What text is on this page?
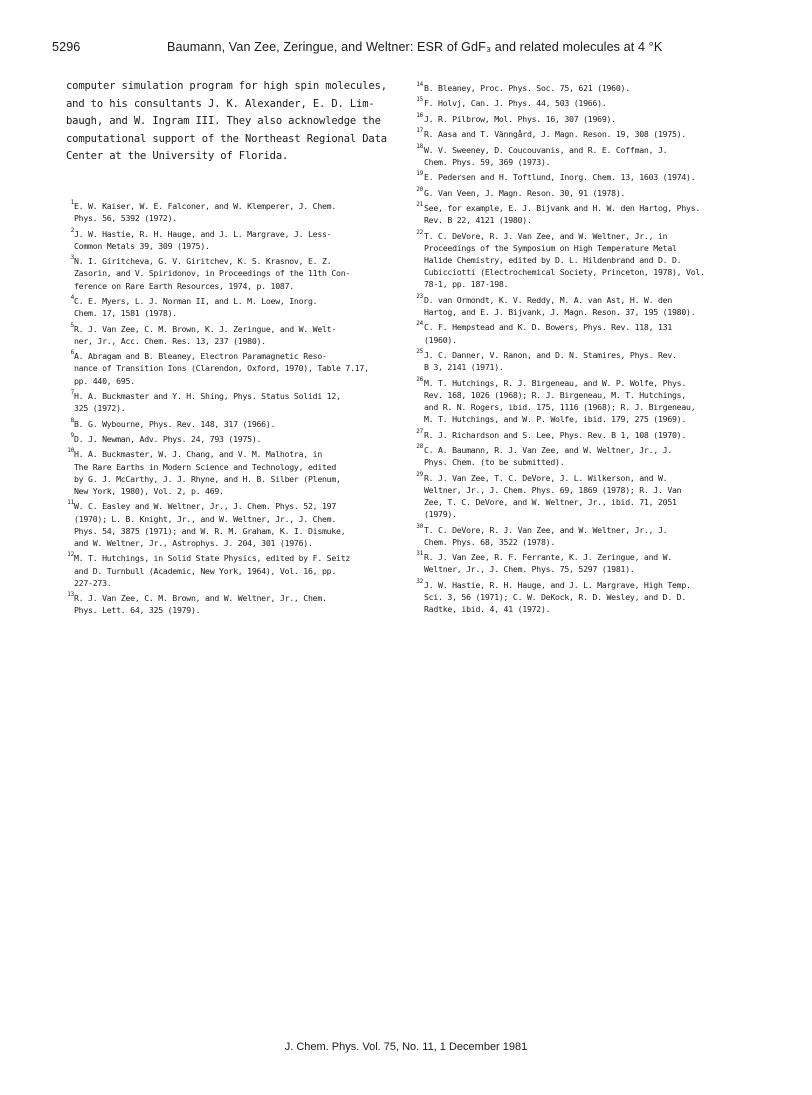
5296	Baumann, Van Zee, Zeringue, and Weltner: ESR of GdF₃ and related molecules at 4 °K
computer simulation program for high spin molecules,
and to his consultants J. K. Alexander, E. D. Lim-
baugh, and W. Ingram III. They also acknowledge the
computational support of the Northeast Regional Data
Center at the University of Florida.
1 E. W. Kaiser, W. E. Falconer, and W. Klemperer, J. Chem.
Phys. 56, 5392 (1972).
2 J. W. Hastie, R. H. Hauge, and J. L. Margrave, J. Less-
Common Metals 39, 309 (1975).
3 N. I. Giritcheva, G. V. Giritchev, K. S. Krasnov, E. Z.
Zasorin, and V. Spiridonov, in Proceedings of the 11th Con-
ference on Rare Earth Resources, 1974, p. 1087.
4 C. E. Myers, L. J. Norman II, and L. M. Loew, Inorg.
Chem. 17, 1581 (1978).
5 R. J. Van Zee, C. M. Brown, K. J. Zeringue, and W. Welt-
ner, Jr., Acc. Chem. Res. 13, 237 (1980).
6 A. Abragam and B. Bleaney, Electron Paramagnetic Reso-
nance of Transition Ions (Clarendon, Oxford, 1970), Table 7.17,
pp. 440, 695.
7 H. A. Buckmaster and Y. H. Shing, Phys. Status Solidi 12,
325 (1972).
8 B. G. Wybourne, Phys. Rev. 148, 317 (1966).
9 D. J. Newman, Adv. Phys. 24, 793 (1975).
10 H. A. Buckmaster, W. J. Chang, and V. M. Malhotra, in
The Rare Earths in Modern Science and Technology, edited
by G. J. McCarthy, J. J. Rhyne, and H. B. Silber (Plenum,
New York, 1980), Vol. 2, p. 469.
11 W. C. Easley and W. Weltner, Jr., J. Chem. Phys. 52, 197
(1970); L. B. Knight, Jr., and W. Weltner, Jr., J. Chem.
Phys. 54, 3875 (1971); and W. R. M. Graham, K. I. Dismuke,
and W. Weltner, Jr., Astrophys. J. 204, 301 (1976).
12 M. T. Hutchings, in Solid State Physics, edited by F. Seitz
and D. Turnbull (Academic, New York, 1964), Vol. 16, pp.
227-273.
13 R. J. Van Zee, C. M. Brown, and W. Weltner, Jr., Chem.
Phys. Lett. 64, 325 (1979).
14 B. Bleaney, Proc. Phys. Soc. 75, 621 (1960).
15 F. Holvj, Can. J. Phys. 44, 503 (1966).
16 J. R. Pilbrow, Mol. Phys. 16, 307 (1969).
17 R. Aasa and T. Vänngård, J. Magn. Reson. 19, 308 (1975).
18 W. V. Sweeney, D. Coucouvanis, and R. E. Coffman, J.
Chem. Phys. 59, 369 (1973).
19 E. Pedersen and H. Toftlund, Inorg. Chem. 13, 1603 (1974).
20 G. Van Veen, J. Magn. Reson. 30, 91 (1978).
21 See, for example, E. J. Bijvank and H. W. den Hartog, Phys.
Rev. B 22, 4121 (1980).
22 T. C. DeVore, R. J. Van Zee, and W. Weltner, Jr., in
Proceedings of the Symposium on High Temperature Metal
Halide Chemistry, edited by D. L. Hildenbrand and D. D.
Cubicciotti (Electrochemical Society, Princeton, 1978), Vol.
78-1, pp. 187-198.
23 D. van Ormondt, K. V. Reddy, M. A. van Ast, H. W. den
Hartog, and E. J. Bijvank, J. Magn. Reson. 37, 195 (1980).
24 C. F. Hempstead and K. D. Bowers, Phys. Rev. 118, 131
(1960).
25 J. C. Danner, V. Ranon, and D. N. Stamires, Phys. Rev.
B 3, 2141 (1971).
26 M. T. Hutchings, R. J. Birgeneau, and W. P. Wolfe, Phys.
Rev. 168, 1026 (1968); R. J. Birgeneau, M. T. Hutchings,
and R. N. Rogers, ibid. 175, 1116 (1968); R. J. Birgeneau,
M. T. Hutchings, and W. P. Wolfe, ibid. 179, 275 (1969).
27 R. J. Richardson and S. Lee, Phys. Rev. B 1, 108 (1970).
28 C. A. Baumann, R. J. Van Zee, and W. Weltner, Jr., J.
Phys. Chem. (to be submitted).
29 R. J. Van Zee, T. C. DeVore, J. L. Wilkerson, and W.
Weltner, Jr., J. Chem. Phys. 69, 1869 (1978); R. J. Van
Zee, T. C. DeVore, and W. Weltner, Jr., ibid. 71, 2051
(1979).
30 T. C. DeVore, R. J. Van Zee, and W. Weltner, Jr., J.
Chem. Phys. 68, 3522 (1978).
31 R. J. Van Zee, R. F. Ferrante, K. J. Zeringue, and W.
Weltner, Jr., J. Chem. Phys. 75, 5297 (1981).
32 J. W. Hastie, R. H. Hauge, and J. L. Margrave, High Temp.
Sci. 3, 56 (1971); C. W. DeKock, R. D. Wesley, and D. D.
Radtke, ibid. 4, 41 (1972).
J. Chem. Phys. Vol. 75, No. 11, 1 December 1981
